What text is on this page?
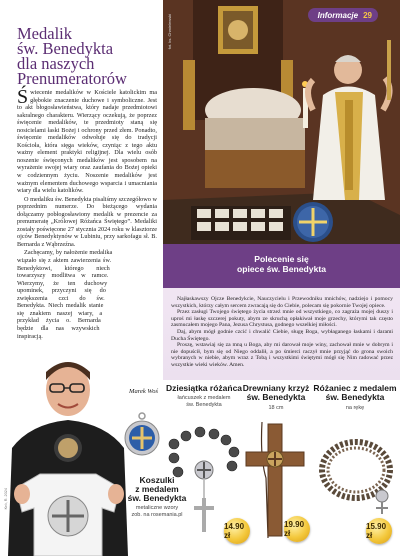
Informacje 29
fot. ks. Chmielewski
Medalik
św. Benedykta
dla naszych
Prenumeratorów

Świecenie medalików w Kościele katolickim ma głębokie znaczenie duchowe i symboliczne. Jest to akt błogosławieństwa, który nadaje przedmiotowi sakralnego charakteru. Wierzący oczekują, że poprzez święcenie medalików, te przedmioty staną się nosicielami łaski Bożej i ochrony przed złem. Ponadto, święcenie medalików odwołuje się do tradycji Kościoła, która sięga wieków, czyniąc z tego aktu ważny element praktyki religijnej. Dla wielu osób noszenie święconych medalików jest sposobem na wyrażenie swojej wiary oraz zaufania do Bożej opieki w codziennym życiu. Noszenie medalików jest ważnym elementem duchowego wsparcia i umacniania wiary dla wielu katolików.

O medaliku św. Benedykta pisaliśmy szczegółowo w poprzednim numerze. Do bieżącego wydania dołączamy pobłogosławiony medalik w prezencie za prenumeratę „Królowej Różańca Świętego”. Medaliki zostały poświęcone 27 stycznia 2024 roku w klasztorze ojców Benedyktynów w Lubiniu, przy sarkofagu sł. B. Bernarda z Wąbrzeźna.

Zachęcamy, by nałożenie medalika wiązało się z aktem zawierzenia św. Benedyktowi, którego niech towarzyszy modlitwa w ramce. Wierzymy, że ten duchowy upominek, przyczyni się do zwiększenia czci do św. Benedykta. Niech medalik stanie się znakiem naszej wiary, a przykład życia o. Bernarda będzie dla nas wzywskich inspiracją.

Marek Woś
Polecenie się
opiece św. Benedykta

Najłaskawszy Ojcze Benedykcie, Nauczycielu i Przewodniku mnichów, nadziejo i pomocy wszystkich, którzy całym sercem zwracają się do Ciebie, polecam się pokornie Twojej opiece.

Przez zasługi Twojego świętego życia strzeż mnie od wszystkiego, co zagraża mojej duszy i uproś mi łaskę szczerej pokuty, abym ze skruchą opłakiwał moje grzechy, którymi tak często zasmucałem mojego Pana, Jezusa Chrystusa, godnego wszelkiej miłości.

Daj, abym mógł godnie czcić i chwalić Ciebie, sługę Boga, wybłaganego łaskami i darami Ducha Świętego.

Proszę, wstawiaj się za mną u Boga, aby mi darował moje winy, zachował mnie w dobrym i nie dopuścił, bym się od Niego oddalił, a po śmierci raczył mnie przyjąć do grona swoich wybranych w niebie, abym wraz z Tobą i wszystkimi świętymi mógł się Nim radować przez wszystkie wieki wieków. Amen.

Dziesiątka różańca
łańcuszek z medalem
św. Benedykta
14.90 zł
Drewniany krzyż
św. Benedykta
18 cm
19.90 zł
Różaniec z medalem
św. Benedykta
na rękę
15.90 zł
Koszulki
z medalem
św. Benedykta
metaliczne wzory
zob. na rosemania.pl
Kró, R. 2024
